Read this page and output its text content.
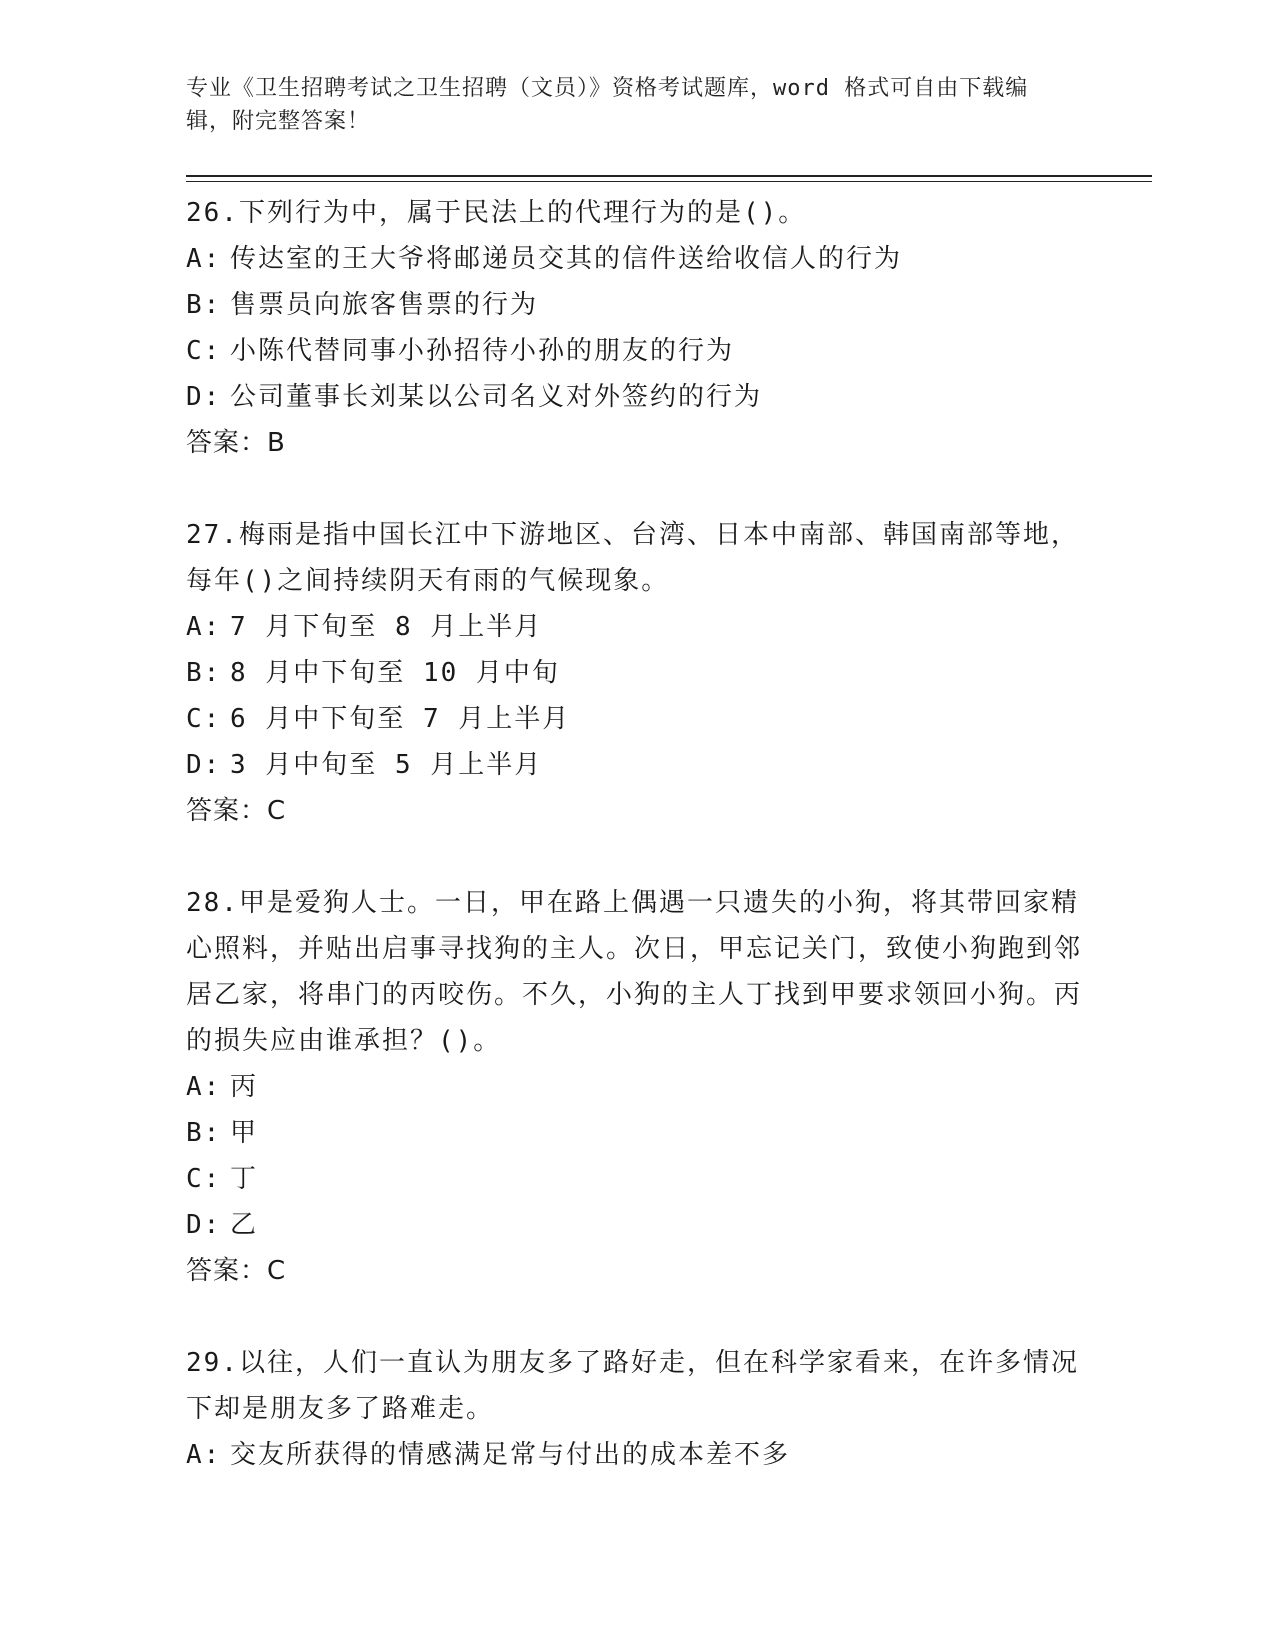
专业《卫生招聘考试之卫生招聘（文员）》资格考试题库，word 格式可自由下载编辑，附完整答案！
26.下列行为中，属于民法上的代理行为的是()。
A: 传达室的王大爷将邮递员交其的信件送给收信人的行为
B: 售票员向旅客售票的行为
C: 小陈代替同事小孙招待小孙的朋友的行为
D: 公司董事长刘某以公司名义对外签约的行为
答案：B
27.梅雨是指中国长江中下游地区、台湾、日本中南部、韩国南部等地，每年()之间持续阴天有雨的气候现象。
A: 7 月下旬至 8 月上半月
B: 8 月中下旬至 10 月中旬
C: 6 月中下旬至 7 月上半月
D: 3 月中旬至 5 月上半月
答案：C
28.甲是爱狗人士。一日，甲在路上偶遇一只遗失的小狗，将其带回家精心照料，并贴出启事寻找狗的主人。次日，甲忘记关门，致使小狗跑到邻居乙家，将串门的丙咬伤。不久，小狗的主人丁找到甲要求领回小狗。丙的损失应由谁承担？()。
A: 丙
B: 甲
C: 丁
D: 乙
答案：C
29.以往，人们一直认为朋友多了路好走，但在科学家看来，在许多情况下却是朋友多了路难走。
A: 交友所获得的情感满足常与付出的成本差不多
